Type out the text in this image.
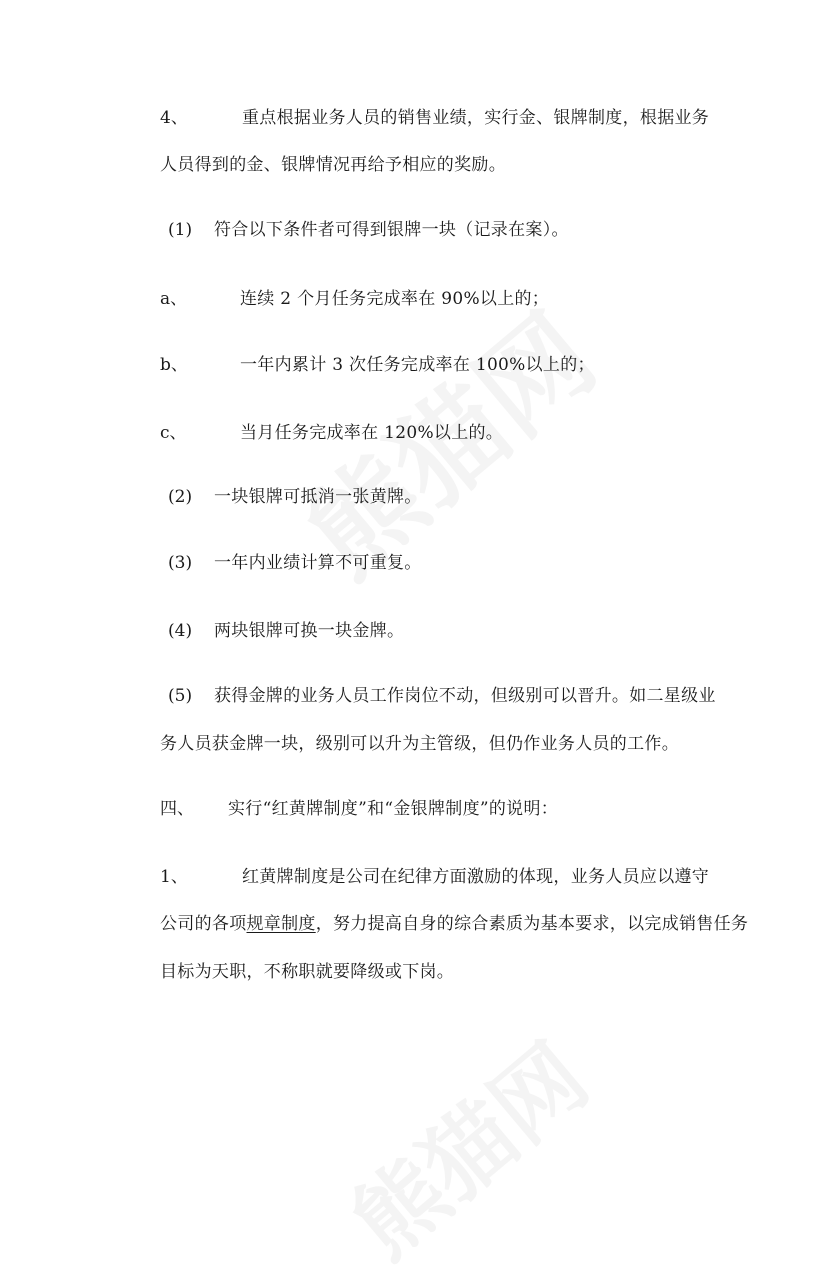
4、	重点根据业务人员的销售业绩，实行金、银牌制度，根据业务
人员得到的金、银牌情况再给予相应的奖励。
(1) 符合以下条件者可得到银牌一块（记录在案）。
a、	连续 2 个月任务完成率在 90%以上的；
b、	一年内累计 3 次任务完成率在 100%以上的；
c、	当月任务完成率在 120%以上的。
(2) 一块银牌可抵消一张黄牌。
(3) 一年内业绩计算不可重复。
(4) 两块银牌可换一块金牌。
(5) 获得金牌的业务人员工作岗位不动，但级别可以晋升。如二星级业
务人员获金牌一块，级别可以升为主管级，但仍作业务人员的工作。
四、 实行“红黄牌制度”和“金银牌制度”的说明：
1、	红黄牌制度是公司在纪律方面激励的体现，业务人员应以遵守
公司的各项规章制度，努力提高自身的综合素质为基本要求，以完成销售任务
目标为天职，不称职就要降级或下岗。
